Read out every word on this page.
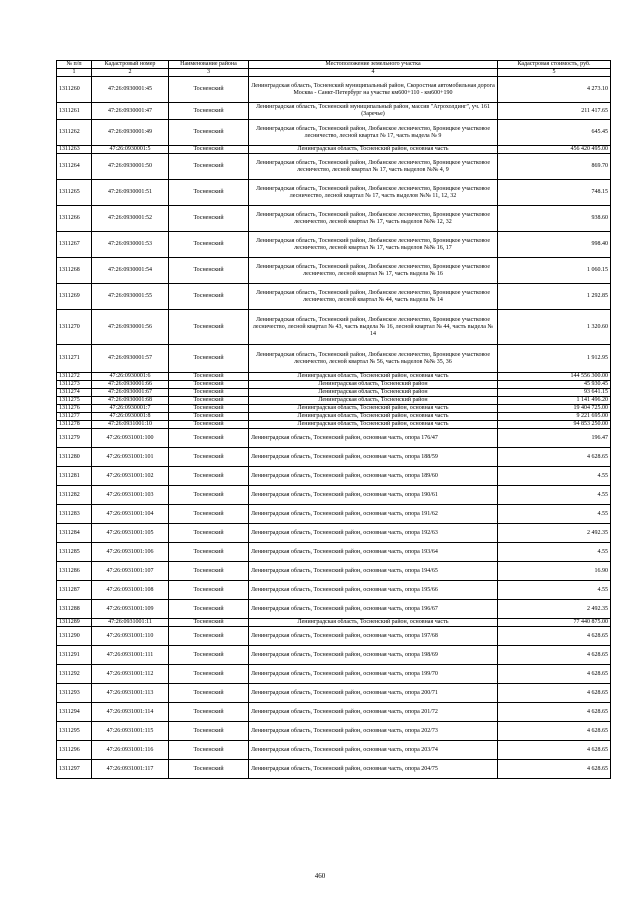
№ п/п	Кадастровый номер	Наименование района	Местоположение земельного участка	Кадастровая стоимость, руб.
1	2	3	4	5
1311260	47:26:0930001:45	Тосненский	Ленинградская область, Тосненский муниципальный район, Скоростная автомобильная дорога Москва - Санкт-Петербург на участке км600+110 - км600+190	4 273.10
1311261	47:26:0930001:47	Тосненский	Ленинградская область, Тосненский муниципальный район, массив "Агрохолдинг", уч. 161 (Заречье)	211 417.65
1311262	47:26:0930001:49	Тосненский	Ленинградская область, Тосненский район, Любанское лесничество, Броницкое участковое лесничество, лесной квартал № 17, часть выдела № 9	645.45
1311263	47:26:0930001:5	Тосненский	Ленинградская область, Тосненский район, основная часть	456 420 495.00
1311264	47:26:0930001:50	Тосненский	Ленинградская область, Тосненский район, Любанское лесничество, Броницкое участковое лесничество, лесной квартал № 17, часть выделов №№ 4, 9	869.70
1311265	47:26:0930001:51	Тосненский	Ленинградская область, Тосненский район, Любанское лесничество, Броницкое участковое лесничество, лесной квартал № 17, часть выделов №№ 11, 12, 32	748.15
1311266	47:26:0930001:52	Тосненский	Ленинградская область, Тосненский район, Любанское лесничество, Броницкое участковое лесничество, лесной квартал № 17, часть выделов №№ 12, 32	938.60
1311267	47:26:0930001:53	Тосненский	Ленинградская область, Тосненский район, Любанское лесничество, Броницкое участковое лесничество, лесной квартал № 17, часть выделов №№ 16, 17	998.40
1311268	47:26:0930001:54	Тосненский	Ленинградская область, Тосненский район, Любанское лесничество, Броницкое участковое лесничество, лесной квартал № 17, часть выдела № 16	1 060.15
1311269	47:26:0930001:55	Тосненский	Ленинградская область, Тосненский район, Любанское лесничество, Броницкое участковое лесничество, лесной квартал № 44, часть выдела № 14	1 292.85
1311270	47:26:0930001:56	Тосненский	Ленинградская область, Тосненский район, Любанское лесничество, Броницкое участковое лесничество, лесной квартал № 43, часть выдела № 16, лесной квартал № 44, часть выдела № 14	1 320.60
1311271	47:26:0930001:57	Тосненский	Ленинградская область, Тосненский район, Любанское лесничество, Броницкое участковое лесничество, лесной квартал № 56, часть выделов №№ 35, 36	1 912.95
1311272	47:26:0930001:6	Тосненский	Ленинградская область, Тосненский район, основная часть	144 556 300.00
1311273	47:26:0930001:66	Тосненский	Ленинградская область, Тосненский район	45 930.45
1311274	47:26:0930001:67	Тосненский	Ленинградская область, Тосненский район	93 641.15
1311275	47:26:0930001:68	Тосненский	Ленинградская область, Тосненский район	1 141 496.20
1311276	47:26:0930001:7	Тосненский	Ленинградская область, Тосненский район, основная часть	19 404 725.00
1311277	47:26:0930001:8	Тосненский	Ленинградская область, Тосненский район, основная часть	9 221 695.00
1311278	47:26:0931001:10	Тосненский	Ленинградская область, Тосненский район, основная часть	94 853 250.00
1311279	47:26:0931001:100	Тосненский	Ленинградская область, Тосненский район, основная часть, опора 176/47	196.47
1311280	47:26:0931001:101	Тосненский	Ленинградская область, Тосненский район, основная часть, опора 188/59	4 628.65
1311281	47:26:0931001:102	Тосненский	Ленинградская область, Тосненский район, основная часть, опора 189/60	4.55
1311282	47:26:0931001:103	Тосненский	Ленинградская область, Тосненский район, основная часть, опора 190/61	4.55
1311283	47:26:0931001:104	Тосненский	Ленинградская область, Тосненский район, основная часть, опора 191/62	4.55
1311284	47:26:0931001:105	Тосненский	Ленинградская область, Тосненский район, основная часть, опора 192/63	2 492.35
1311285	47:26:0931001:106	Тосненский	Ленинградская область, Тосненский район, основная часть, опора 193/64	4.55
1311286	47:26:0931001:107	Тосненский	Ленинградская область, Тосненский район, основная часть, опора 194/65	16.90
1311287	47:26:0931001:108	Тосненский	Ленинградская область, Тосненский район, основная часть, опора 195/66	4.55
1311288	47:26:0931001:109	Тосненский	Ленинградская область, Тосненский район, основная часть, опора 196/67	2 492.35
1311289	47:26:0931001:11	Тосненский	Ленинградская область, Тосненский район, основная часть	77 440 875.00
1311290	47:26:0931001:110	Тосненский	Ленинградская область, Тосненский район, основная часть, опора 197/68	4 628.65
1311291	47:26:0931001:111	Тосненский	Ленинградская область, Тосненский район, основная часть, опора 198/69	4 628.65
1311292	47:26:0931001:112	Тосненский	Ленинградская область, Тосненский район, основная часть, опора 199/70	4 628.65
1311293	47:26:0931001:113	Тосненский	Ленинградская область, Тосненский район, основная часть, опора 200/71	4 628.65
1311294	47:26:0931001:114	Тосненский	Ленинградская область, Тосненский район, основная часть, опора 201/72	4 628.65
1311295	47:26:0931001:115	Тосненский	Ленинградская область, Тосненский район, основная часть, опора 202/73	4 628.65
1311296	47:26:0931001:116	Тосненский	Ленинградская область, Тосненский район, основная часть, опора 203/74	4 628.65
1311297	47:26:0931001:117	Тосненский	Ленинградская область, Тосненский район, основная часть, опора 204/75	4 628.65
460
